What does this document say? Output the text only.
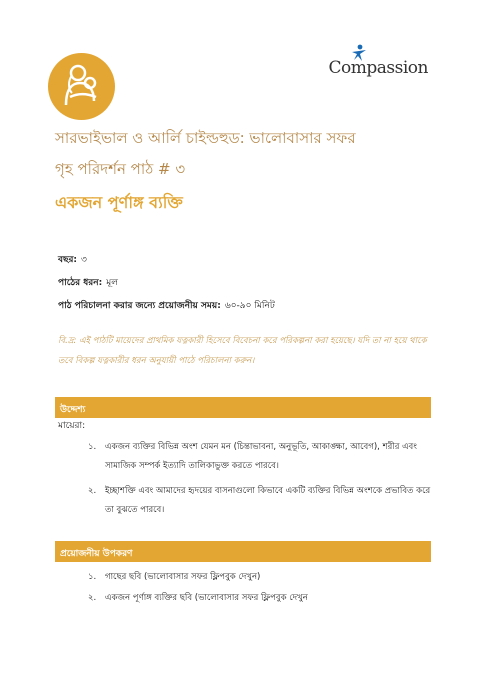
Compassion
সারভাইভাল ও আর্লি চাইল্ডহুড: ভালোবাসার সফর
গৃহ পরিদর্শন পাঠ # ৩
একজন পূর্ণাঙ্গ ব্যক্তি
বছর: ৩
পাঠের ধরন: মূল
পাঠ পরিচালনা করার জন্যে প্রয়োজনীয় সময়: ৬০-৯০ মিনিট
বি.দ্র: এই পাঠটি মায়েদের প্রাথমিক যত্নকারী হিসেবে বিবেচনা করে পরিকল্পনা করা হয়েছে। যদি তা না হয়ে থাকে তবে বিকল্প যত্নকারীর ধরন অনুযায়ী পাঠে পরিচালনা করুন।
উদ্দেশ্য
মায়েরা:
১. একজন ব্যক্তির বিভিন্ন অংশ যেমন মন (চিন্তাভাবনা, অনুভূতি, আকাঙ্ক্ষা, আবেগ), শরীর এবং সামাজিক সম্পর্ক ইত্যাদি তালিকাভুক্ত করতে পারবে।
২. ইচ্ছাশক্তি এবং আমাদের হৃদয়ের বাসনাগুলো কিভাবে একটি ব্যক্তির বিভিন্ন অংশকে প্রভাবিত করে তা বুঝতে পারবে।
প্রয়োজনীয় উপকরণ
১. গাছের ছবি (ভালোবাসার সফর ফ্লিপবুক দেখুন)
২. একজন পূর্ণাঙ্গ ব্যক্তির ছবি (ভালোবাসার সফর ফ্লিপবুক দেখুন
